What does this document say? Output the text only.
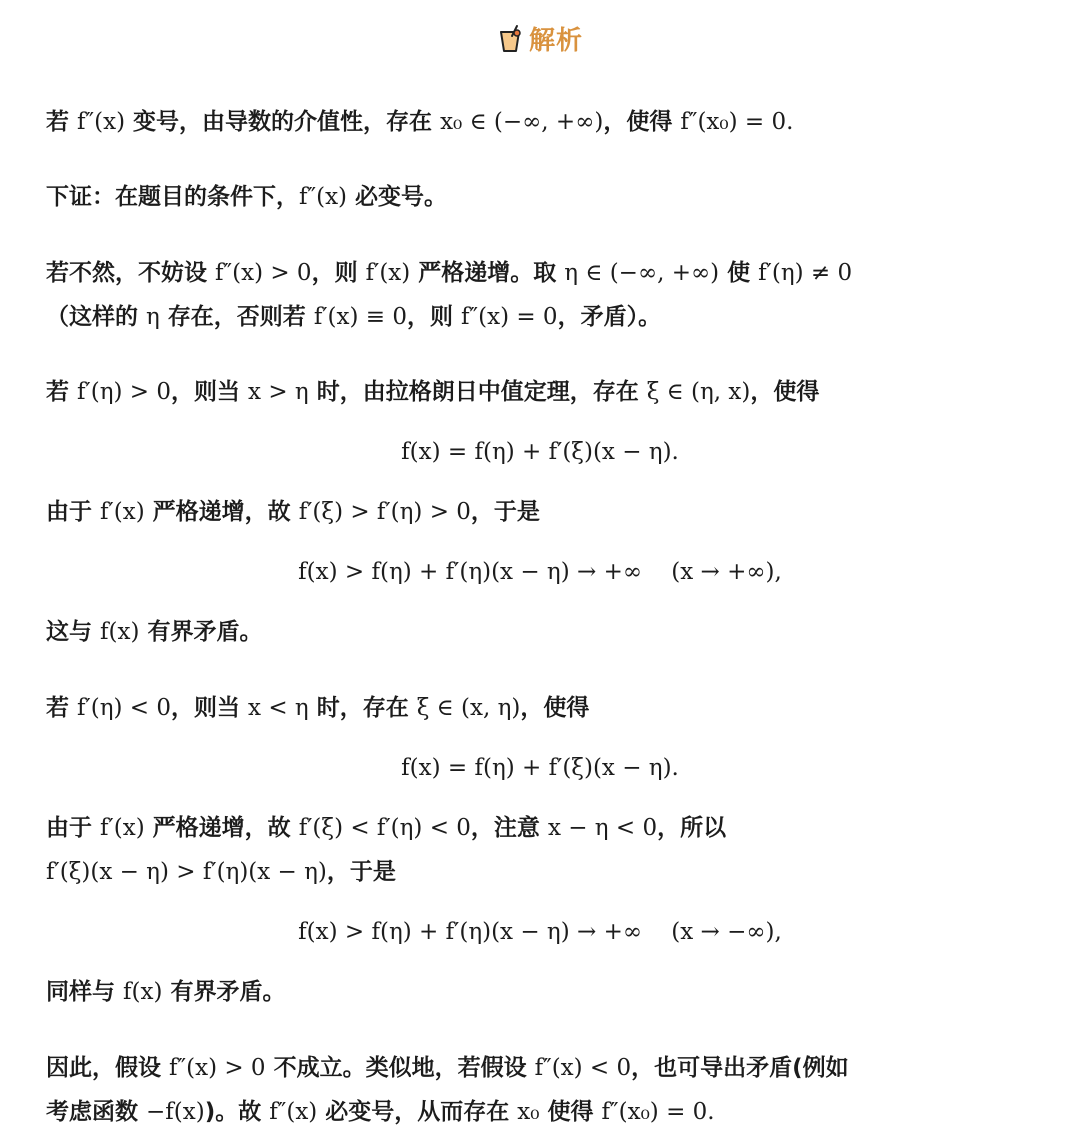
解析
若 f″(x) 变号，由导数的介值性，存在 x₀ ∈ (−∞, +∞)，使得 f″(x₀) = 0.
下证：在题目的条件下，f″(x) 必变号。
若不然，不妨设 f″(x) > 0，则 f′(x) 严格递增。取 η ∈ (−∞, +∞) 使 f′(η) ≠ 0
（这样的 η 存在，否则若 f′(x) ≡ 0，则 f″(x) = 0，矛盾）。
若 f′(η) > 0，则当 x > η 时，由拉格朗日中值定理，存在 ξ ∈ (η, x)，使得
f(x) = f(η) + f′(ξ)(x − η).
由于 f′(x) 严格递增，故 f′(ξ) > f′(η) > 0，于是
f(x) > f(η) + f′(η)(x − η) → +∞    (x → +∞),
这与 f(x) 有界矛盾。
若 f′(η) < 0，则当 x < η 时，存在 ξ ∈ (x, η)，使得
f(x) = f(η) + f′(ξ)(x − η).
由于 f′(x) 严格递增，故 f′(ξ) < f′(η) < 0，注意 x − η < 0，所以
f′(ξ)(x − η) > f′(η)(x − η)，于是
f(x) > f(η) + f′(η)(x − η) → +∞    (x → −∞),
同样与 f(x) 有界矛盾。
因此，假设 f″(x) > 0 不成立。类似地，若假设 f″(x) < 0，也可导出矛盾(例如
考虑函数 −f(x))。故 f″(x) 必变号，从而存在 x₀ 使得 f″(x₀) = 0.
